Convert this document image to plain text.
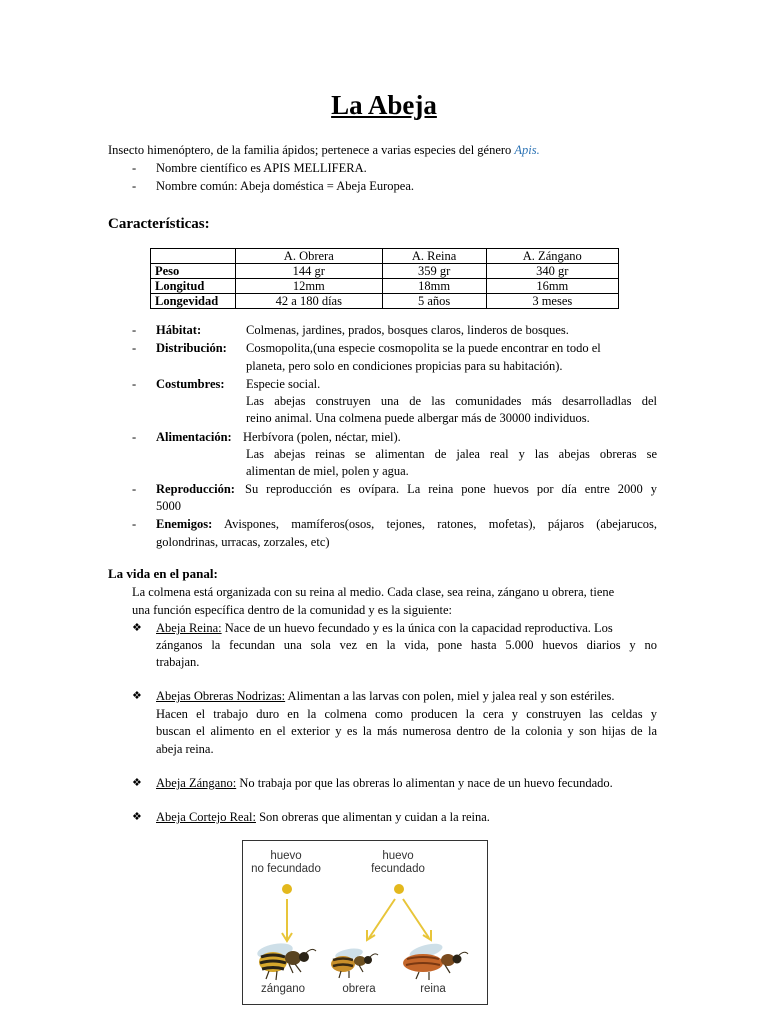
La Abeja
Insecto himenóptero, de la familia ápidos; pertenece a varias especies del género Apis.
- Nombre científico es APIS MELLIFERA.
- Nombre común: Abeja doméstica = Abeja Europea.
Características:
	A. Obrera	A. Reina	A. Zángano
Peso	144 gr	359 gr	340 gr
Longitud	12mm	18mm	16mm
Longevidad	42 a 180 días	5 años	3 meses
- Hábitat:	Colmenas, jardines, prados, bosques claros, linderos de bosques.
- Distribución: Cosmopolita,(una especie cosmopolita se la puede encontrar en todo el
planeta, pero solo en condiciones propicias para su habitación).
- Costumbres: Especie social.
Las abejas construyen una de las comunidades más desarrolladlas del
reino animal. Una colmena puede albergar más de 30000 individuos.
- Alimentación: Herbívora (polen, néctar, miel).
Las abejas reinas se alimentan de jalea real y las abejas obreras se
alimentan de miel, polen y agua.
- Reproducción: Su reproducción es ovípara. La reina pone huevos por día entre 2000 y
5000
- Enemigos: Avispones, mamíferos(osos, tejones, ratones, mofetas), pájaros (abejarucos,
golondrinas, urracas, zorzales, etc)
La vida en el panal:
La colmena está organizada con su reina al medio. Cada clase, sea reina, zángano u obrera, tiene
una función específica dentro de la comunidad y es la siguiente:
❖ Abeja Reina: Nace de un huevo fecundado y es la única con la capacidad reproductiva. Los
zánganos la fecundan una sola vez en la vida, pone hasta 5.000 huevos diarios y no
trabajan.
❖ Abejas Obreras Nodrizas: Alimentan a las larvas con polen, miel y jalea real y son estériles.
Hacen el trabajo duro en la colmena como producen la cera y construyen las celdas y
buscan el alimento en el exterior y es la más numerosa dentro de la colonia y son hijas de la
abeja reina.
❖ Abeja Zángano: No trabaja por que las obreras lo alimentan y nace de un huevo fecundado.
❖ Abeja Cortejo Real: Son obreras que alimentan y cuidan a la reina.
huevo
no fecundado
huevo
fecundado
zángano	obrera	reina
